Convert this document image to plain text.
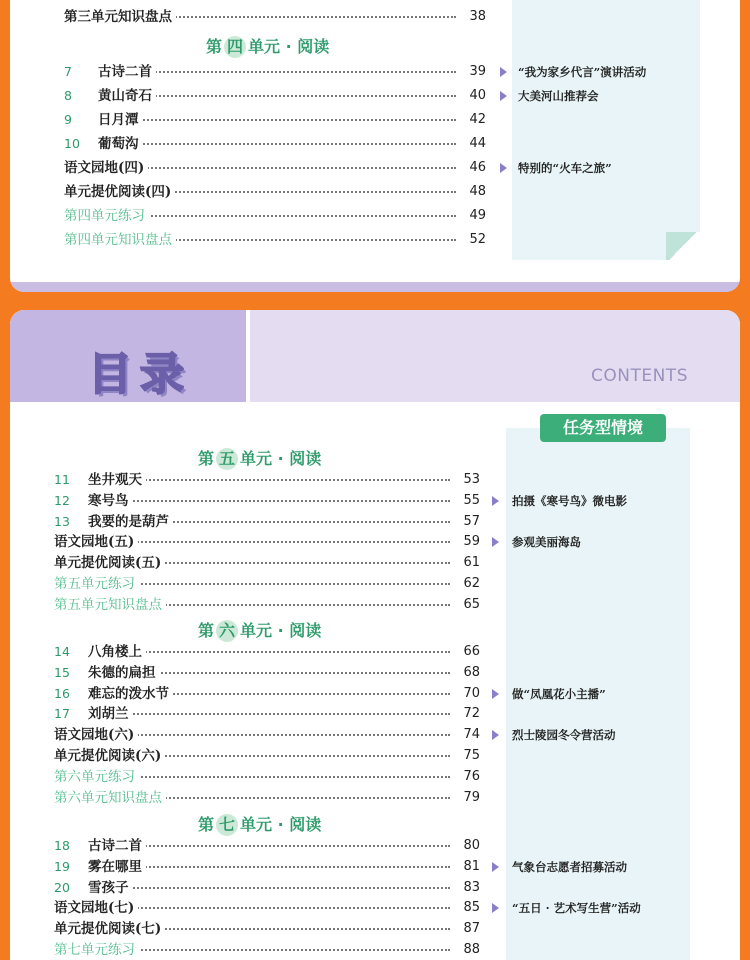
第三单元知识盘点	38
第 四 单元 · 阅读
7	古诗二首	39	“我为家乡代言”演讲活动
8	黄山奇石	40	大美河山推荐会
9	日月潭	42
10	葡萄沟	44
语文园地(四)	46	特别的“火车之旅”
单元提优阅读(四)	48
第四单元练习	49
第四单元知识盘点	52
目录	CONTENTS
任务型情境
第 五 单元 · 阅读
11	坐井观天	53
12	寒号鸟	55	拍摄《寒号鸟》微电影
13	我要的是葫芦	57
语文园地(五)	59	参观美丽海岛
单元提优阅读(五)	61
第五单元练习	62
第五单元知识盘点	65
第 六 单元 · 阅读
14	八角楼上	66
15	朱德的扁担	68
16	难忘的泼水节	70	做“凤凰花小主播”
17	刘胡兰	72
语文园地(六)	74	烈士陵园冬令营活动
单元提优阅读(六)	75
第六单元练习	76
第六单元知识盘点	79
第 七 单元 · 阅读
18	古诗二首	80
19	雾在哪里	81	气象台志愿者招募活动
20	雪孩子	83
语文园地(七)	85	“五日 · 艺术写生营”活动
单元提优阅读(七)	87
第七单元练习	88
